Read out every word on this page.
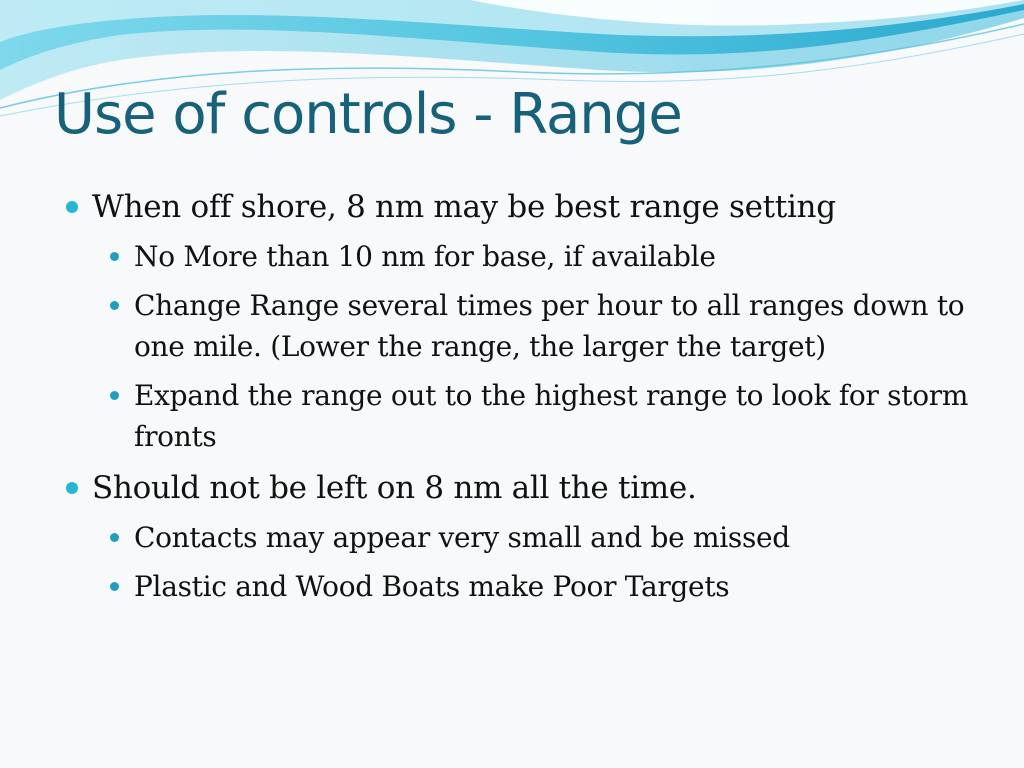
Use of controls - Range
When off shore, 8 nm may be best range setting
No More than 10 nm for base, if available
Change Range several times per hour to all ranges down to one mile. (Lower the range, the larger the target)
Expand the range out to the highest range to look for storm fronts
Should not be left on 8 nm all the time.
Contacts may appear very small and be missed
Plastic and Wood Boats make Poor Targets
